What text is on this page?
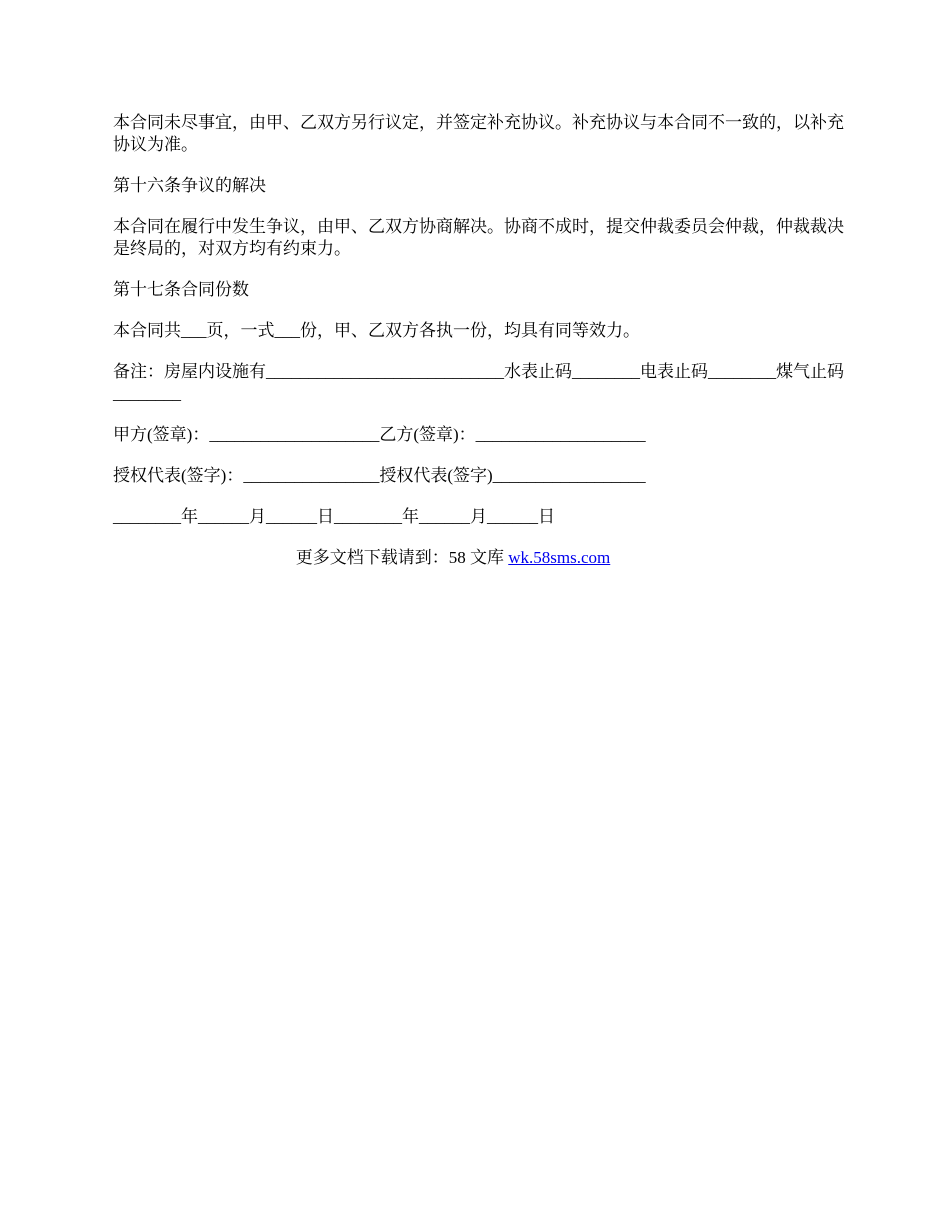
本合同未尽事宜，由甲、乙双方另行议定，并签定补充协议。补充协议与本合同不一致的，以补充协议为准。

第十六条争议的解决

本合同在履行中发生争议，由甲、乙双方协商解决。协商不成时，提交仲裁委员会仲裁，仲裁裁决是终局的，对双方均有约束力。

第十七条合同份数

本合同共___页，一式___份，甲、乙双方各执一份，均具有同等效力。

备注：房屋内设施有____________________________水表止码________电表止码________煤气止码________

甲方(签章)：____________________乙方(签章)：____________________

授权代表(签字)：________________授权代表(签字)__________________

________年______月______日________年______月______日

更多文档下载请到：58 文库 wk.58sms.com
